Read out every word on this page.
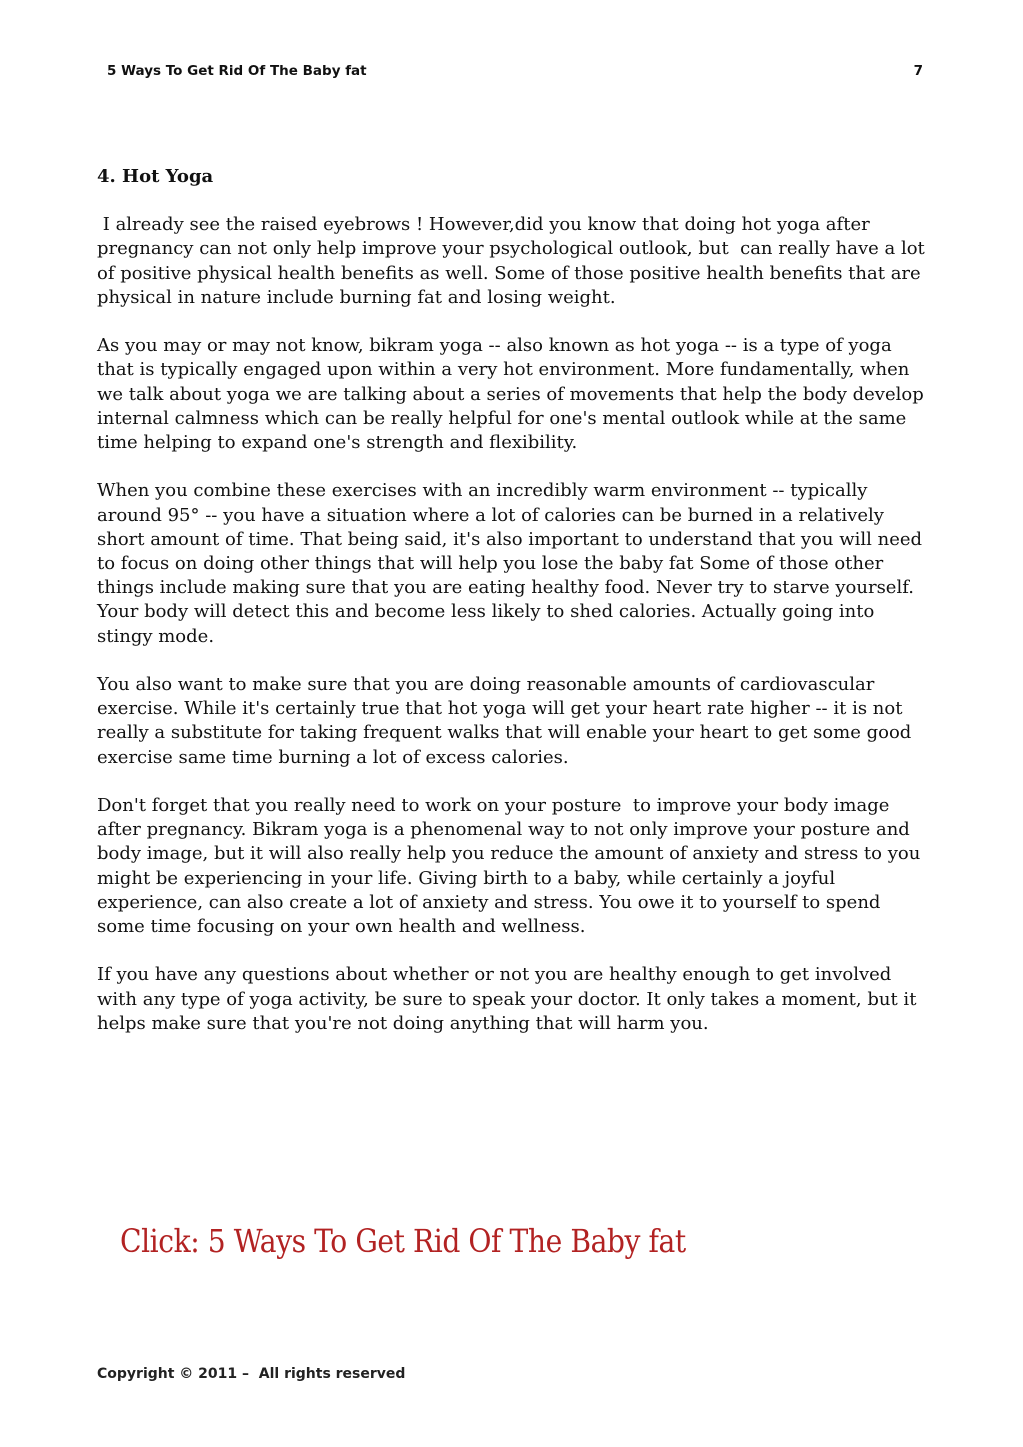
5 Ways To Get Rid Of The Baby fat	7
4. Hot Yoga

I already see the raised eyebrows ! However,did you know that doing hot yoga after pregnancy can not only help improve your psychological outlook, but  can really have a lot of positive physical health benefits as well. Some of those positive health benefits that are physical in nature include burning fat and losing weight.

As you may or may not know, bikram yoga -- also known as hot yoga -- is a type of yoga that is typically engaged upon within a very hot environment. More fundamentally, when we talk about yoga we are talking about a series of movements that help the body develop internal calmness which can be really helpful for one's mental outlook while at the same time helping to expand one's strength and flexibility.

When you combine these exercises with an incredibly warm environment -- typically around 95° -- you have a situation where a lot of calories can be burned in a relatively short amount of time. That being said, it's also important to understand that you will need to focus on doing other things that will help you lose the baby fat Some of those other things include making sure that you are eating healthy food. Never try to starve yourself. Your body will detect this and become less likely to shed calories. Actually going into stingy mode.

You also want to make sure that you are doing reasonable amounts of cardiovascular exercise. While it's certainly true that hot yoga will get your heart rate higher -- it is not really a substitute for taking frequent walks that will enable your heart to get some good exercise same time burning a lot of excess calories.

Don't forget that you really need to work on your posture  to improve your body image after pregnancy. Bikram yoga is a phenomenal way to not only improve your posture and body image, but it will also really help you reduce the amount of anxiety and stress to you might be experiencing in your life. Giving birth to a baby, while certainly a joyful experience, can also create a lot of anxiety and stress. You owe it to yourself to spend some time focusing on your own health and wellness.

If you have any questions about whether or not you are healthy enough to get involved with any type of yoga activity, be sure to speak your doctor. It only takes a moment, but it helps make sure that you're not doing anything that will harm you.

Click: 5 Ways To Get Rid Of The Baby fat
Copyright © 2011 –  All rights reserved
